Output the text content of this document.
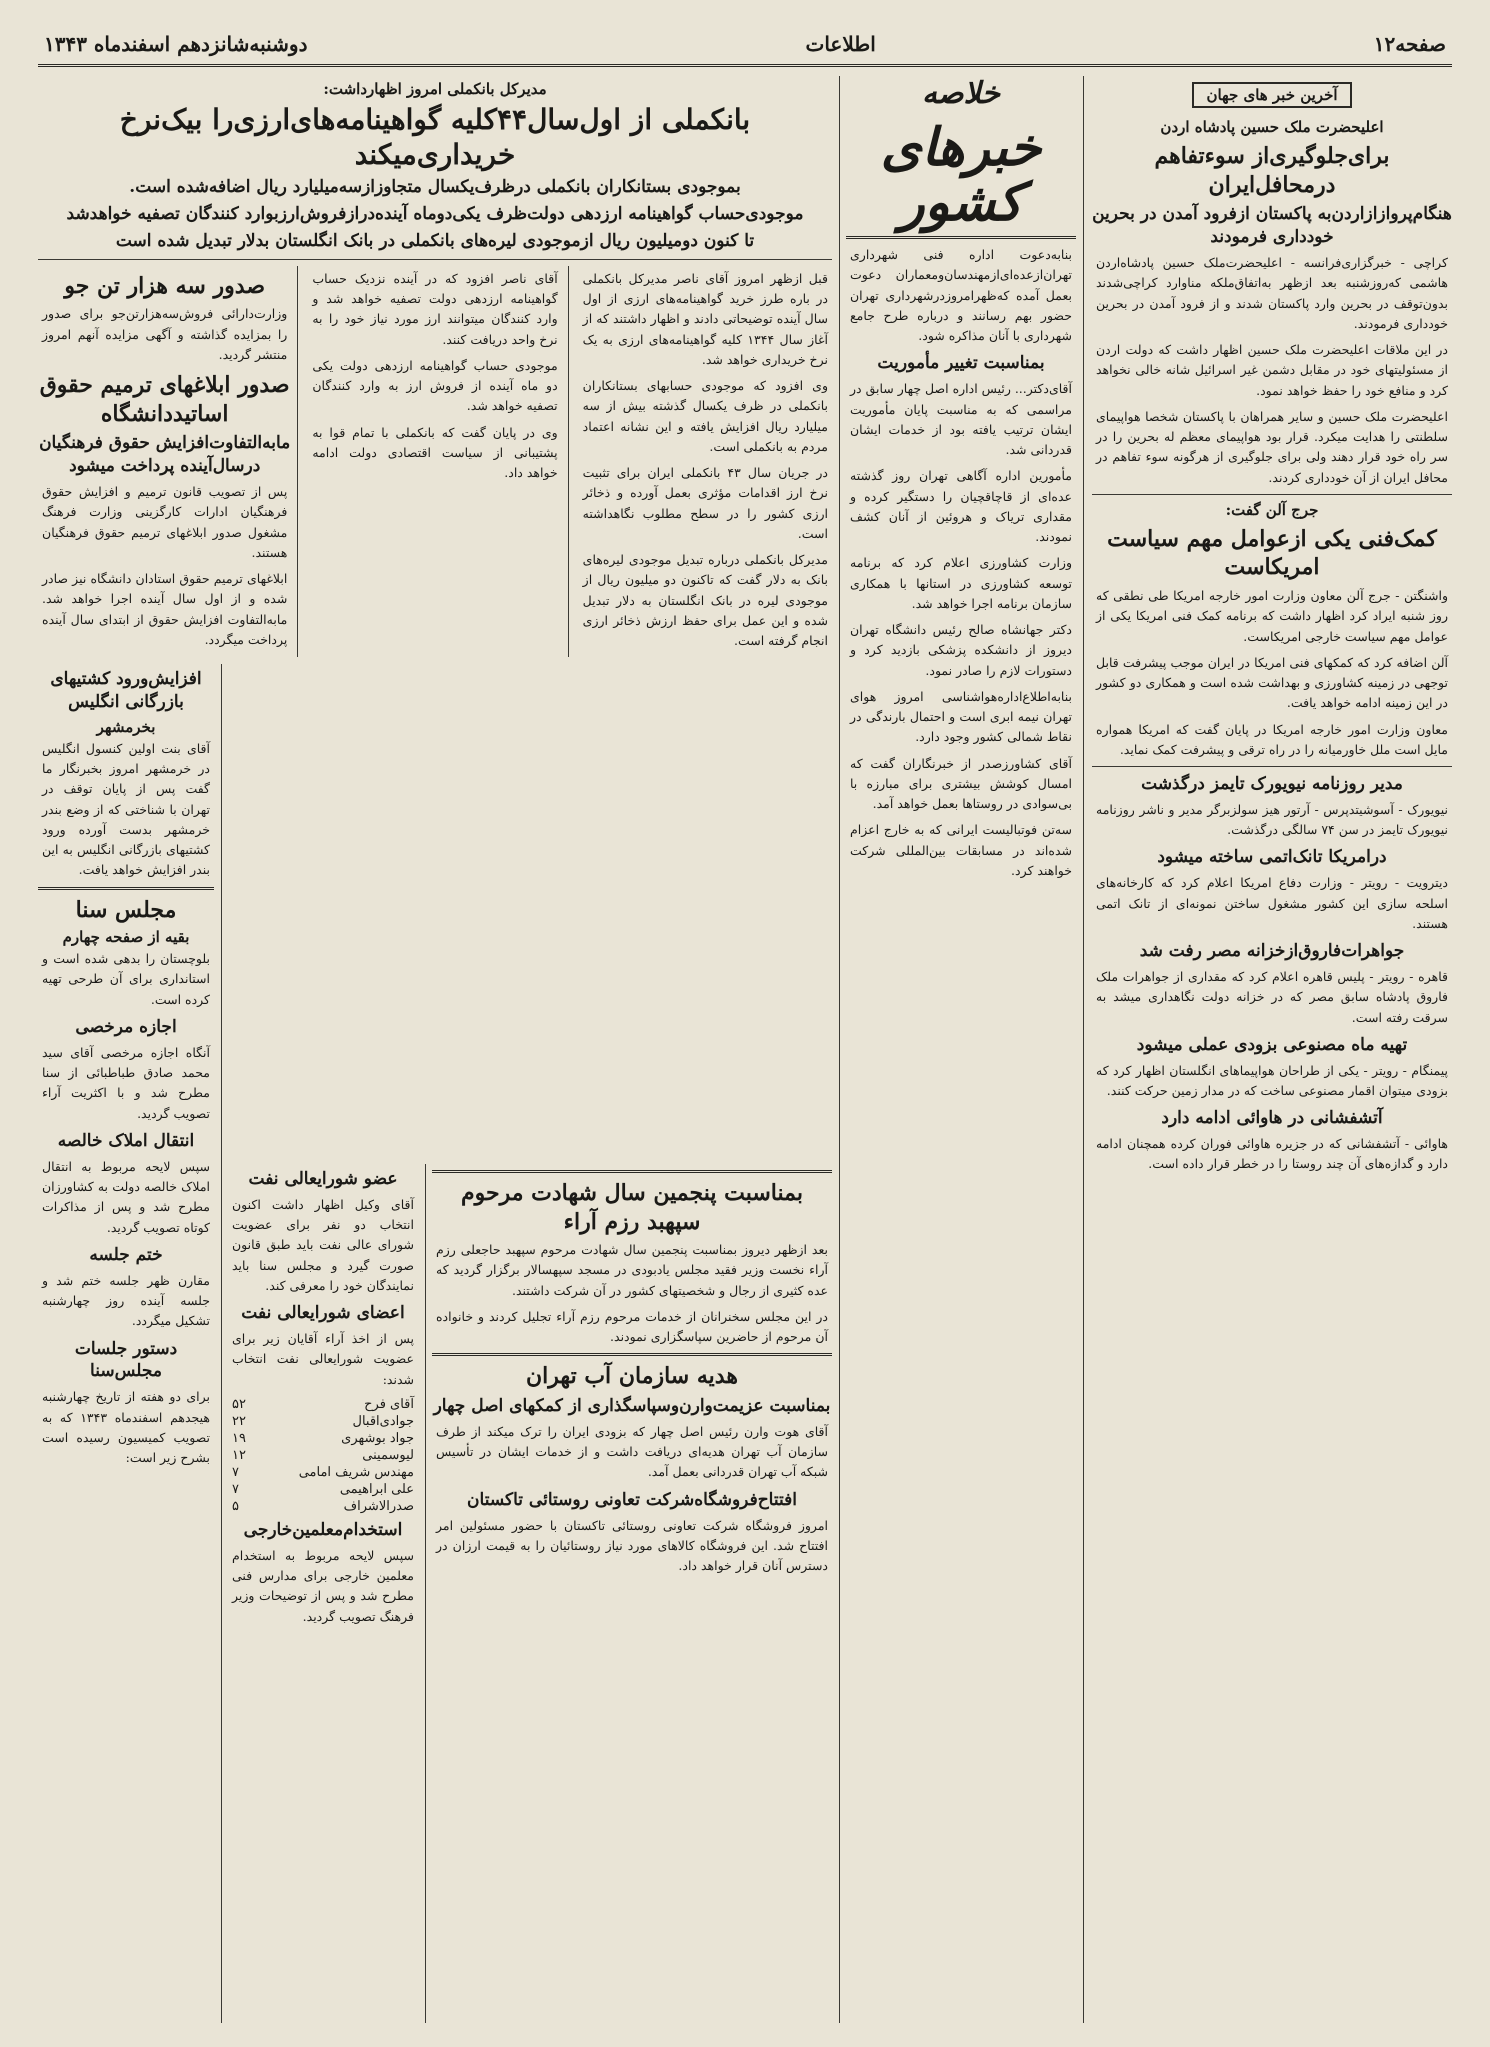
صفحه۱۲
اطلاعات
دوشنبه‌شانزدهم اسفندماه ۱۳۴۳
آخرین خبر های جهان
اعلیحضرت ملک حسین پادشاه اردن
برای‌جلوگیری‌از سوءتفاهم درمحافل‌ایران
هنگام‌پروازازاردن‌به پاکستان ازفرود آمدن در بحرین خودداری فرمودند
کراچی - خبرگزاری‌فرانسه - اعلیحضرت‌ملک حسین پادشاه‌اردن هاشمی که‌روز‌شنبه بعد ازظهر به‌اتفاق‌ملکه منا‌وارد کراچی‌شدند بدون‌توقف در بحرین وارد پاکستان شدند و از فرود آمدن در بحرین خودداری فرمودند.
در این ملاقات اعلیحضرت ملک حسین اظهار داشت که دولت اردن از مسئولیتهای خود در مقابل دشمن غیر اسرائیل شانه خالی نخواهد کرد و منافع خود را حفظ خواهد نمود.
اعلیحضرت ملک حسین و سایر همراهان با پاکستان شخصا هواپیمای سلطنتی را هدایت میکرد. قرار بود هواپیمای معظم له بحرین را در سر راه خود قرار دهند ولی برای جلوگیری از هرگونه سوء تفاهم در محافل ایران از آن خودداری کردند.
جرج آلن گفت:
کمک‌فنی یکی ازعوامل مهم سیاست امریکاست
واشنگتن - جرج آلن معاون وزارت امور خارجه امریکا طی نطقی که روز شنبه ایراد کرد اظهار داشت که برنامه کمک فنی امریکا یکی از عوامل مهم سیاست خارجی امریکاست.
آلن اضافه کرد که کمکهای فنی امریکا در ایران موجب پیشرفت قابل توجهی در زمینه کشاورزی و بهداشت شده است و همکاری دو کشور در این زمینه ادامه خواهد یافت.
معاون وزارت امور خارجه امریکا در پایان گفت که امریکا همواره مایل است ملل خاورمیانه را در راه ترقی و پیشرفت کمک نماید.
مدیر روزنامه نیویورک تایمز درگذشت
نیویورک - آسوشیتدپرس - آرتور هیز سولزبرگر مدیر و ناشر روزنامه نیویورک تایمز در سن ۷۴ سالگی درگذشت.
درامریکا تانک‌اتمی ساخته میشود
دیترویت - رویتر - وزارت دفاع امریکا اعلام کرد که کارخانه‌های اسلحه سازی این کشور مشغول ساختن نمونه‌ای از تانک اتمی هستند.
جواهرات‌فاروق‌ازخزانه مصر رفت شد
قاهره - رویتر - پلیس قاهره اعلام کرد که مقداری از جواهرات ملک فاروق پادشاه سابق مصر که در خزانه دولت نگاهداری میشد به سرقت رفته است.
تهیه ماه مصنوعی بزودی عملی میشود
پیمنگام - رویتر - یکی از طراحان هواپیماهای انگلستان اظهار کرد که بزودی میتوان اقمار مصنوعی ساخت که در مدار زمین حرکت کنند.
آتشفشانی در هاوائی ادامه دارد
هاوائی - آتشفشانی که در جزیره هاوائی فوران کرده همچنان ادامه دارد و گدازه‌های آن چند روستا را در خطر قرار داده است.
خلاصه
خبرهای کشور
بنابه‌دعوت اداره فنی شهرداری تهران‌ازعده‌ای‌ازمهندسان‌ومعماران دعوت بعمل آمده که‌ظهرامروزدرشهرداری تهران حضور بهم رسانند و درباره طرح جامع شهرداری با آنان مذاکره شود.
بمناسبت تغییر مأموریت
آقای‌دکتر‌... رئیس اداره اصل چهار سابق در مراسمی که به مناسبت پایان مأموریت ایشان ترتیب یافته بود از خدمات ایشان قدردانی شد.
مأمورین اداره آگاهی تهران روز گذشته عده‌ای از قاچاقچیان را دستگیر کرده و مقداری تریاک و هروئین از آنان کشف نمودند.
وزارت کشاورزی اعلام کرد که برنامه توسعه کشاورزی در استانها با همکاری سازمان برنامه اجرا خواهد شد.
دکتر جهانشاه صالح رئیس دانشگاه تهران دیروز از دانشکده پزشکی بازدید کرد و دستورات لازم را صادر نمود.
بنابه‌اطلاع‌اداره‌هواشناسی امروز هوای تهران نیمه ابری است و احتمال بارندگی در نقاط شمالی کشور وجود دارد.
آقای کشاورز‌صدر از خبرنگاران گفت که امسال کوشش بیشتری برای مبارزه با بی‌سوادی در روستاها بعمل خواهد آمد.
سه‌تن فوتبالیست ایرانی که به خارج اعزام شده‌اند در مسابقات بین‌المللی شرکت خواهند کرد.
مدیرکل بانکملی امروز اظهارداشت:
بانکملی از اول‌سال۴۴کلیه گواهینامه‌های‌ارزی‌را بیک‌نرخ خریداری‌میکند
بموجودی بستانکاران بانکملی درظرف‌یکسال متجاوزازسه‌میلیارد ریال اضافه‌شده است.
موجودی‌حساب گواهینامه ارزدهی دولت‌ظرف یکی‌دوماه آینده‌درازفروش‌ارزبوارد کنندگان تصفیه خواهدشد
تا کنون دومیلیون ریال ازموجودی لیره‌های بانکملی در بانک انگلستان بدلار تبدیل شده است
قبل ازظهر امروز آقای ناصر مدیرکل بانکملی در باره طرز خرید گواهینامه‌های ارزی از اول سال آینده توضیحاتی دادند و اظهار داشتند که از آغاز سال ۱۳۴۴ کلیه گواهینامه‌های ارزی به یک نرخ خریداری خواهد شد.
وی افزود که موجودی حسابهای بستانکاران بانکملی در ظرف یکسال گذشته بیش از سه میلیارد ریال افزایش یافته و این نشانه اعتماد مردم به بانکملی است.
در جریان سال ۴۳ بانکملی ایران برای تثبیت نرخ ارز اقدامات مؤثری بعمل آورده و ذخائر ارزی کشور را در سطح مطلوب نگاهداشته است.
مدیرکل بانکملی درباره تبدیل موجودی لیره‌های بانک به دلار گفت که تاکنون دو میلیون ریال از موجودی لیره در بانک انگلستان به دلار تبدیل شده و این عمل برای حفظ ارزش ذخائر ارزی انجام گرفته است.
آقای ناصر افزود که در آینده نزدیک حساب گواهینامه ارزدهی دولت تصفیه خواهد شد و وارد کنندگان میتوانند ارز مورد نیاز خود را به نرخ واحد دریافت کنند.
موجودی حساب گواهینامه ارزدهی دولت یکی دو ماه آینده از فروش ارز به وارد کنندگان تصفیه خواهد شد.
وی در پایان گفت که بانکملی با تمام قوا به پشتیبانی از سیاست اقتصادی دولت ادامه خواهد داد.
صدور سه هزار تن جو
وزارت‌دارائی فروش‌سه‌هزارتن‌جو برای صدور را بمزایده گذاشته و آگهی مزایده آنهم امروز منتشر گردید.
صدور ابلاغهای ترمیم حقوق اساتیددانشگاه
مابه‌التفاوت‌افزایش حقوق فرهنگیان درسال‌آینده پرداخت میشود
پس از تصویب قانون ترمیم و افزایش حقوق فرهنگیان ادارات کارگزینی وزارت فرهنگ مشغول صدور ابلاغهای ترمیم حقوق فرهنگیان هستند.
ابلاغهای ترمیم حقوق استادان دانشگاه نیز صادر شده و از اول سال آینده اجرا خواهد شد. مابه‌التفاوت افزایش حقوق از ابتدای سال آینده پرداخت میگردد.
بمناسبت پنجمین سال شهادت مرحوم سپهبد رزم آراء
بعد ازظهر دیروز بمناسبت پنجمین سال شهادت مرحوم سپهبد حاجعلی رزم آراء نخست وزیر فقید مجلس یادبودی در مسجد سپهسالار برگزار گردید که عده کثیری از رجال و شخصیتهای کشور در آن شرکت داشتند.
در این مجلس سخنرانان از خدمات مرحوم رزم آراء تجلیل کردند و خانواده آن مرحوم از حاضرین سپاسگزاری نمودند.
هدیه سازمان آب تهران
بمناسبت عزیمت‌وارن‌وسپاسگذاری از کمکهای اصل چهار
آقای هوت وارن رئیس اصل چهار که بزودی ایران را ترک میکند از طرف سازمان آب تهران هدیه‌ای دریافت داشت و از خدمات ایشان در تأسیس شبکه آب تهران قدردانی بعمل آمد.
افتتاح‌فروشگاه‌شرکت تعاونی روستائی تاکستان
امروز فروشگاه شرکت تعاونی روستائی تاکستان با حضور مسئولین امر افتتاح شد. این فروشگاه کالاهای مورد نیاز روستائیان را به قیمت ارزان در دسترس آنان قرار خواهد داد.
عضو شورایعالی نفت
آقای وکیل اظهار داشت اکنون انتخاب دو نفر برای عضویت شورای عالی نفت باید طبق قانون صورت گیرد و مجلس سنا باید نمایندگان خود را معرفی کند.
اعضای شورایعالی نفت
پس از اخذ آراء آقایان زیر برای عضویت شورایعالی نفت انتخاب شدند:
آقای فرح	۵۲
جوادی‌اقبال	۲۲
جواد بوشهری	۱۹
لیوسمینی	۱۲
مهندس شریف امامی	۷
علی ابراهیمی	۷
صدرالاشراف	۵
استخدام‌معلمین‌خارجی
سپس لایحه مربوط به استخدام معلمین خارجی برای مدارس فنی مطرح شد و پس از توضیحات وزیر فرهنگ تصویب گردید.
افزایش‌ورود کشتیهای بازرگانی انگلیس
بخرمشهر
آقای بنت اولین کنسول انگلیس در خرمشهر امروز بخبرنگار ما گفت پس از پایان توقف در تهران با شناختی که از وضع بندر خرمشهر بدست آورده ورود کشتیهای بازرگانی انگلیس به این بندر افزایش خواهد یافت.
مجلس سنا
بقیه از صفحه چهارم
بلوچستان را بدهی شده است و استانداری برای آن طرحی تهیه کرده است.
اجازه مرخصی
آنگاه اجازه مرخصی آقای سید محمد صادق طباطبائی از سنا مطرح شد و با اکثریت آراء تصویب گردید.
انتقال املاک خالصه
سپس لایحه مربوط به انتقال املاک خالصه دولت به کشاورزان مطرح شد و پس از مذاکرات کوتاه تصویب گردید.
ختم جلسه
مقارن ظهر جلسه ختم شد و جلسه آینده روز چهارشنبه تشکیل میگردد.
دستور جلسات مجلس‌سنا
برای دو هفته از تاریخ چهارشنبه هیجدهم اسفندماه ۱۳۴۳ که به تصویب کمیسیون رسیده است بشرح زیر است:
